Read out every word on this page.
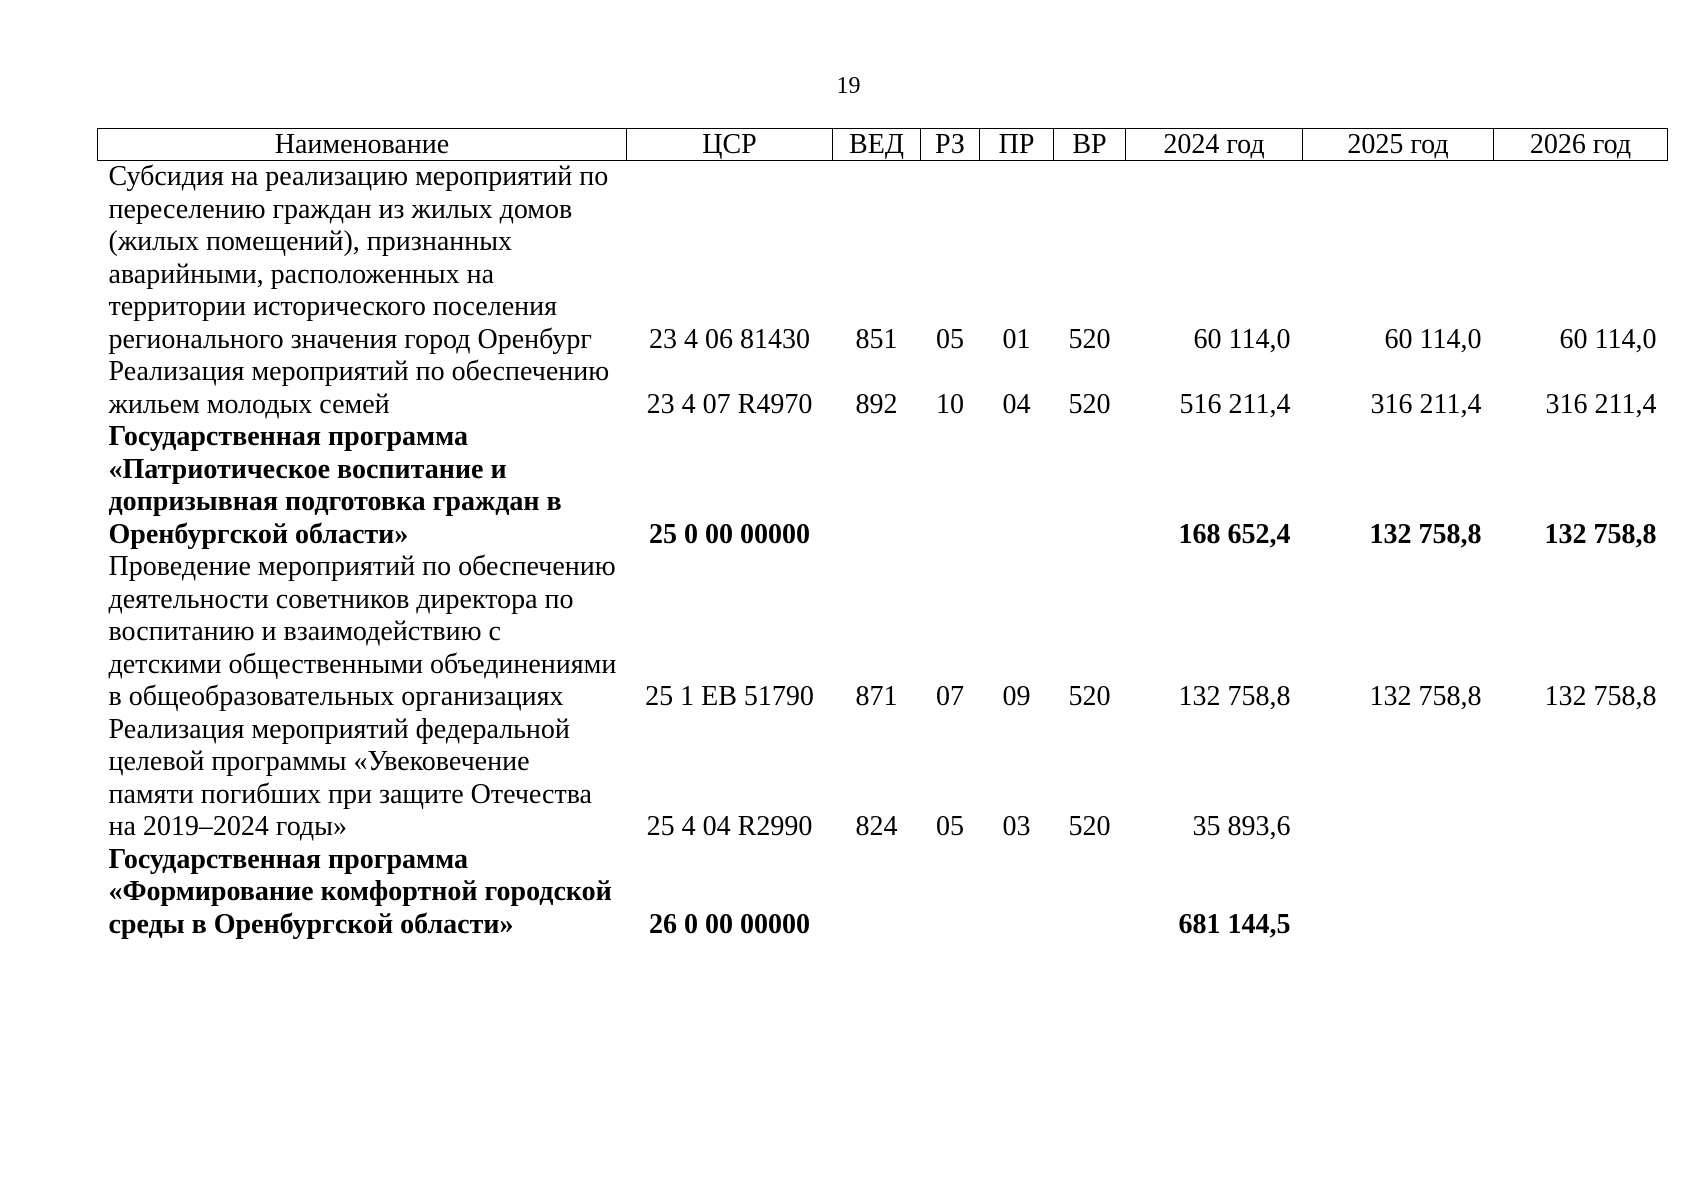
19
Наименование	ЦСР	ВЕД	РЗ	ПР	ВР	2024 год	2025 год	2026 год
Субсидия на реализацию мероприятий по переселению граждан из жилых домов (жилых помещений), признанных аварийными, расположенных на территории исторического поселения регионального значения город Оренбург	23 4 06 81430	851	05	01	520	60 114,0	60 114,0	60 114,0
Реализация мероприятий по обеспечению жильем молодых семей	23 4 07 R4970	892	10	04	520	516 211,4	316 211,4	316 211,4
Государственная программа «Патриотическое воспитание и допризывная подготовка граждан в Оренбургской области»	25 0 00 00000					168 652,4	132 758,8	132 758,8
Проведение мероприятий по обеспечению деятельности советников директора по воспитанию и взаимодействию с детскими общественными объединениями в общеобразовательных организациях	25 1 EB 51790	871	07	09	520	132 758,8	132 758,8	132 758,8
Реализация мероприятий федеральной целевой программы «Увековечение памяти погибших при защите Отечества на 2019–2024 годы»	25 4 04 R2990	824	05	03	520	35 893,6		
Государственная программа «Формирование комфортной городской среды в Оренбургской области»	26 0 00 00000					681 144,5		
